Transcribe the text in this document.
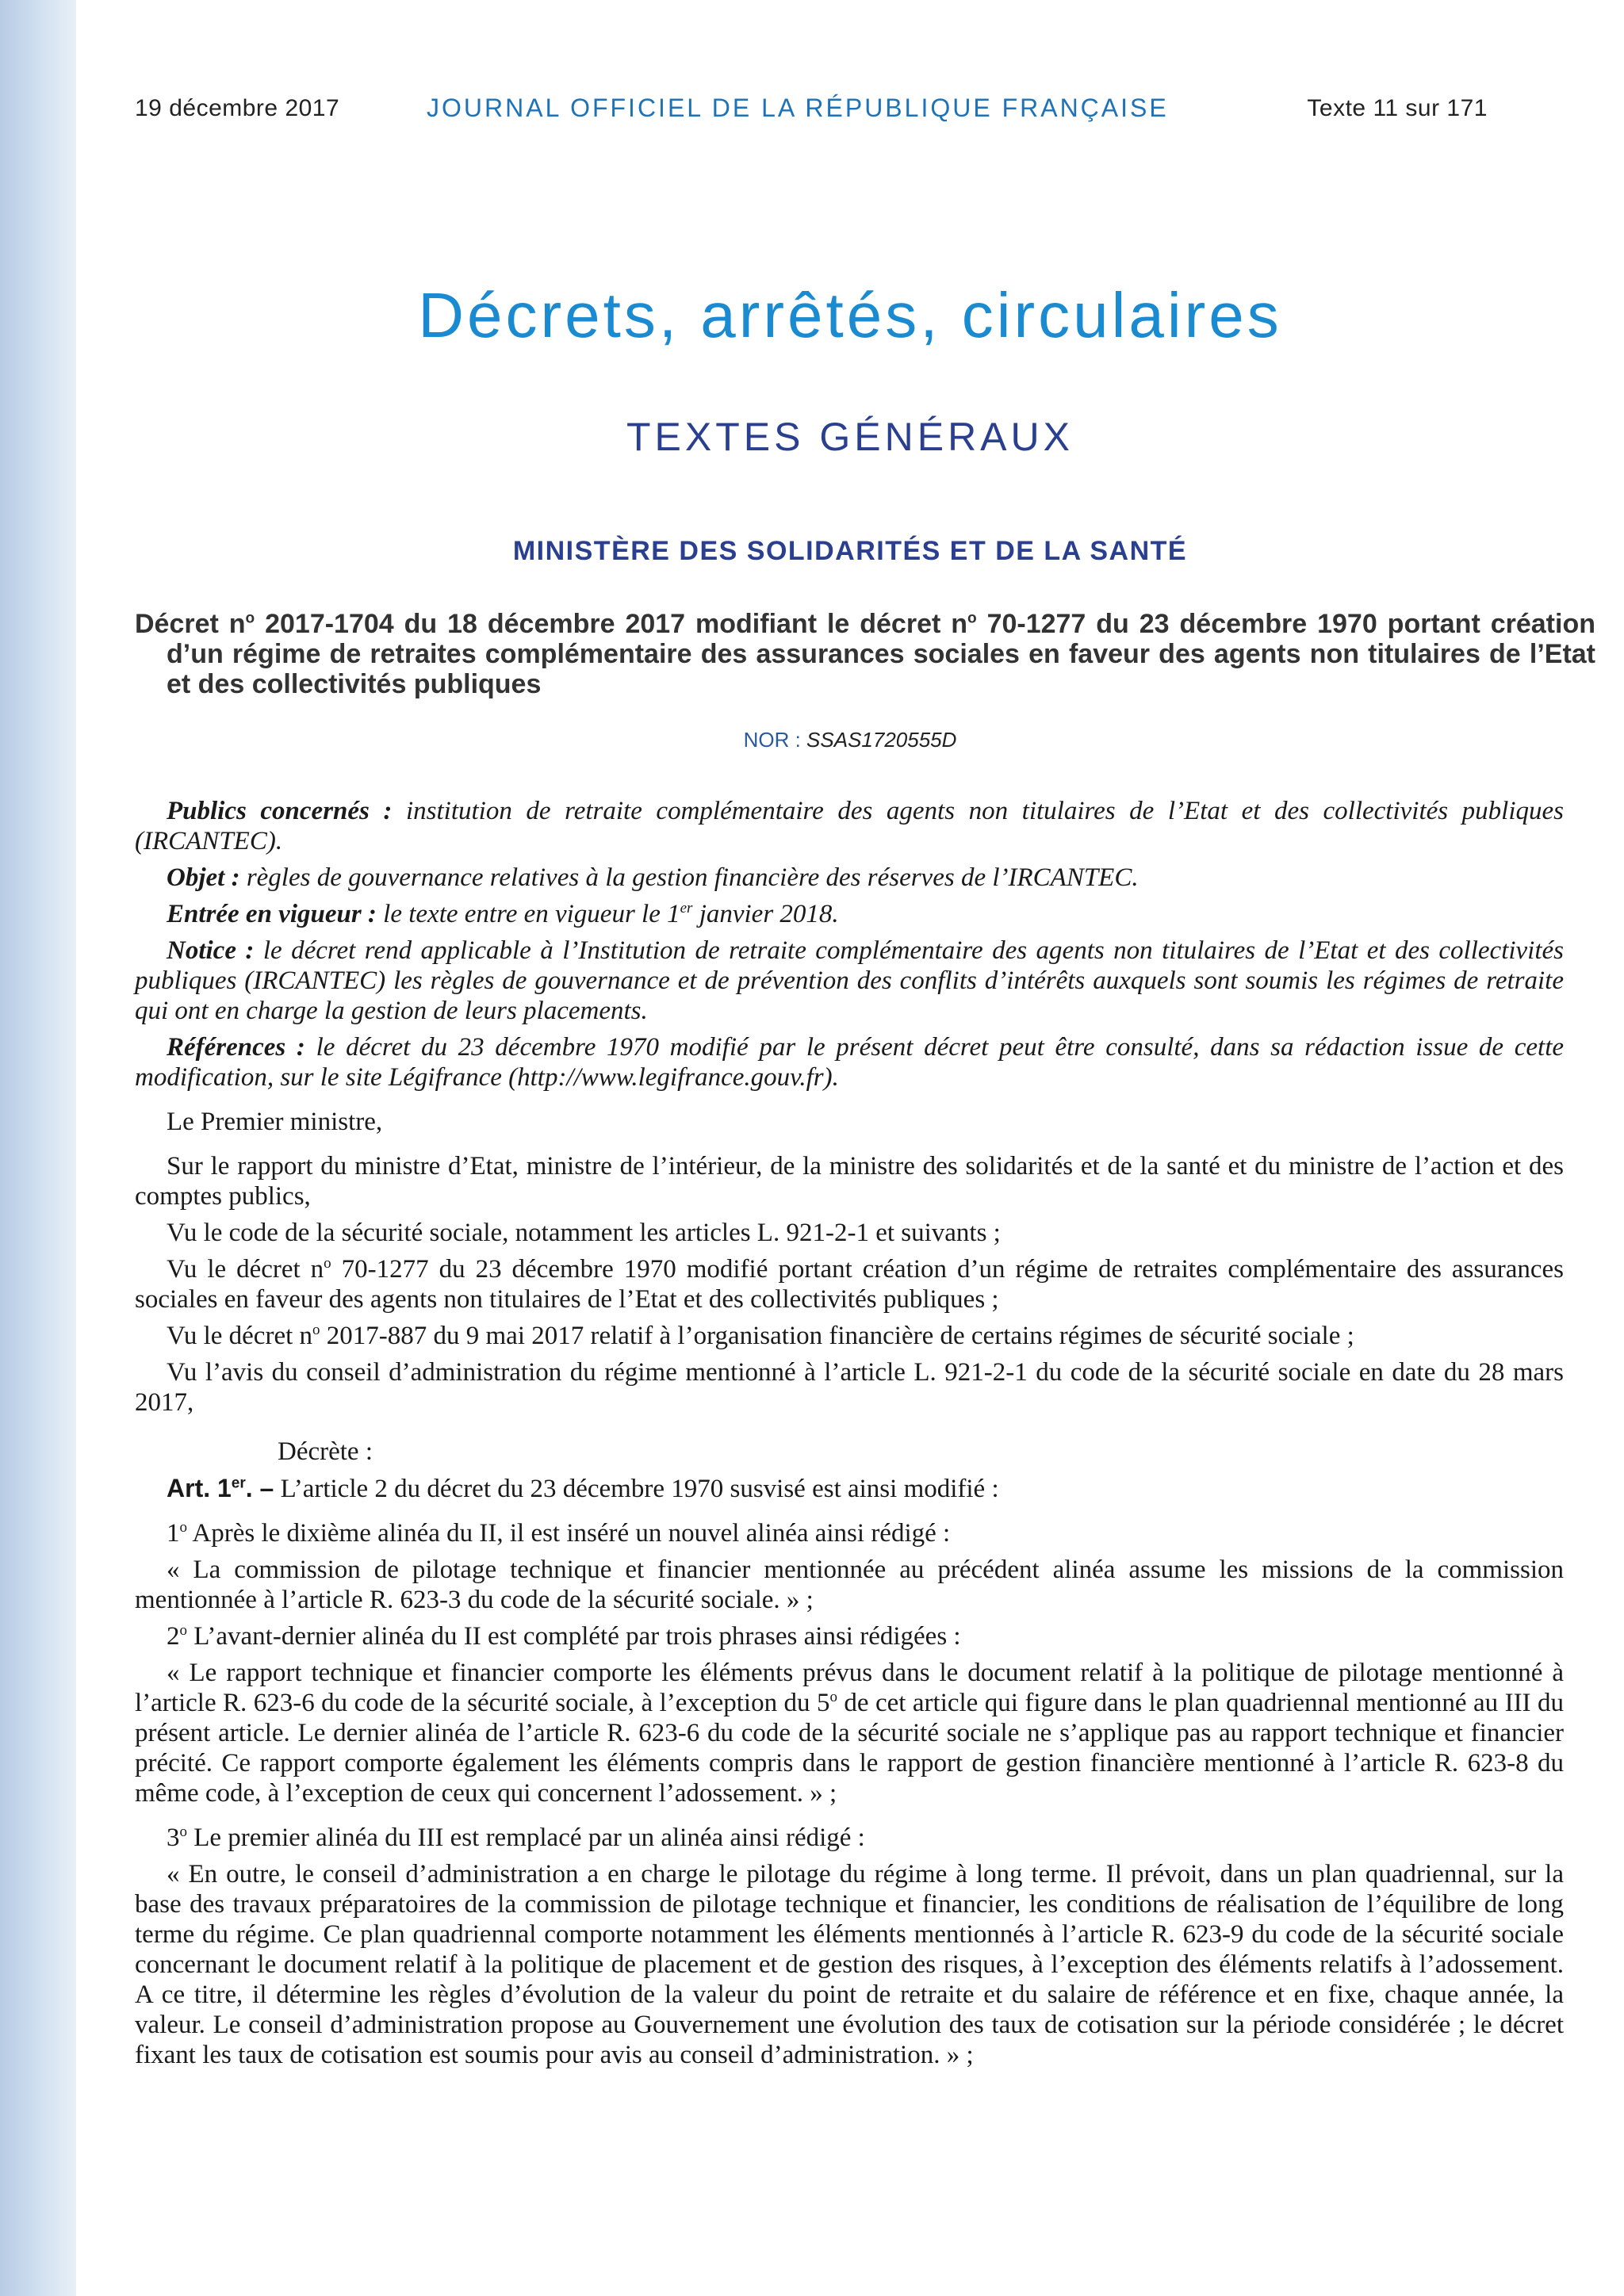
19 décembre 2017	JOURNAL OFFICIEL DE LA RÉPUBLIQUE FRANÇAISE	Texte 11 sur 171
Décrets, arrêtés, circulaires
TEXTES GÉNÉRAUX
MINISTÈRE DES SOLIDARITÉS ET DE LA SANTÉ
Décret $n^o$ 2017-1704 du 18 décembre 2017 modifiant le décret $n^o$ 70-1277 du 23 décembre 1970 portant création d’un régime de retraites complémentaire des assurances sociales en faveur des agents non titulaires de l’Etat et des collectivités publiques
NOR : SSAS1720555D

Publics concernés : institution de retraite complémentaire des agents non titulaires de l’Etat et des collectivités publiques (IRCANTEC).

Objet : règles de gouvernance relatives à la gestion financière des réserves de l’IRCANTEC.

Entrée en vigueur : le texte entre en vigueur le 1er janvier 2018.

Notice : le décret rend applicable à l’Institution de retraite complémentaire des agents non titulaires de l’Etat et des collectivités publiques (IRCANTEC) les règles de gouvernance et de prévention des conflits d’intérêts auxquels sont soumis les régimes de retraite qui ont en charge la gestion de leurs placements.

Références : le décret du 23 décembre 1970 modifié par le présent décret peut être consulté, dans sa rédaction issue de cette modification, sur le site Légifrance (http://www.legifrance.gouv.fr).

Le Premier ministre,

Sur le rapport du ministre d’Etat, ministre de l’intérieur, de la ministre des solidarités et de la santé et du ministre de l’action et des comptes publics,

Vu le code de la sécurité sociale, notamment les articles L. 921-2-1 et suivants ;

Vu le décret $n^o$ 70-1277 du 23 décembre 1970 modifié portant création d’un régime de retraites complémentaire des assurances sociales en faveur des agents non titulaires de l’Etat et des collectivités publiques ;

Vu le décret $n^o$ 2017-887 du 9 mai 2017 relatif à l’organisation financière de certains régimes de sécurité sociale ;

Vu l’avis du conseil d’administration du régime mentionné à l’article L. 921-2-1 du code de la sécurité sociale en date du 28 mars 2017,

Décrète :

Art. 1er. – L’article 2 du décret du 23 décembre 1970 susvisé est ainsi modifié :

1$^o$ Après le dixième alinéa du II, il est inséré un nouvel alinéa ainsi rédigé :

« La commission de pilotage technique et financier mentionnée au précédent alinéa assume les missions de la commission mentionnée à l’article R. 623-3 du code de la sécurité sociale. » ;

2$^o$ L’avant-dernier alinéa du II est complété par trois phrases ainsi rédigées :

« Le rapport technique et financier comporte les éléments prévus dans le document relatif à la politique de pilotage mentionné à l’article R. 623-6 du code de la sécurité sociale, à l’exception du 5$^o$ de cet article qui figure dans le plan quadriennal mentionné au III du présent article. Le dernier alinéa de l’article R. 623-6 du code de la sécurité sociale ne s’applique pas au rapport technique et financier précité. Ce rapport comporte également les éléments compris dans le rapport de gestion financière mentionné à l’article R. 623-8 du même code, à l’exception de ceux qui concernent l’adossement. » ;

3$^o$ Le premier alinéa du III est remplacé par un alinéa ainsi rédigé :

« En outre, le conseil d’administration a en charge le pilotage du régime à long terme. Il prévoit, dans un plan quadriennal, sur la base des travaux préparatoires de la commission de pilotage technique et financier, les conditions de réalisation de l’équilibre de long terme du régime. Ce plan quadriennal comporte notamment les éléments mentionnés à l’article R. 623-9 du code de la sécurité sociale concernant le document relatif à la politique de placement et de gestion des risques, à l’exception des éléments relatifs à l’adossement. A ce titre, il détermine les règles d’évolution de la valeur du point de retraite et du salaire de référence et en fixe, chaque année, la valeur. Le conseil d’administration propose au Gouvernement une évolution des taux de cotisation sur la période considérée ; le décret fixant les taux de cotisation est soumis pour avis au conseil d’administration. » ;
